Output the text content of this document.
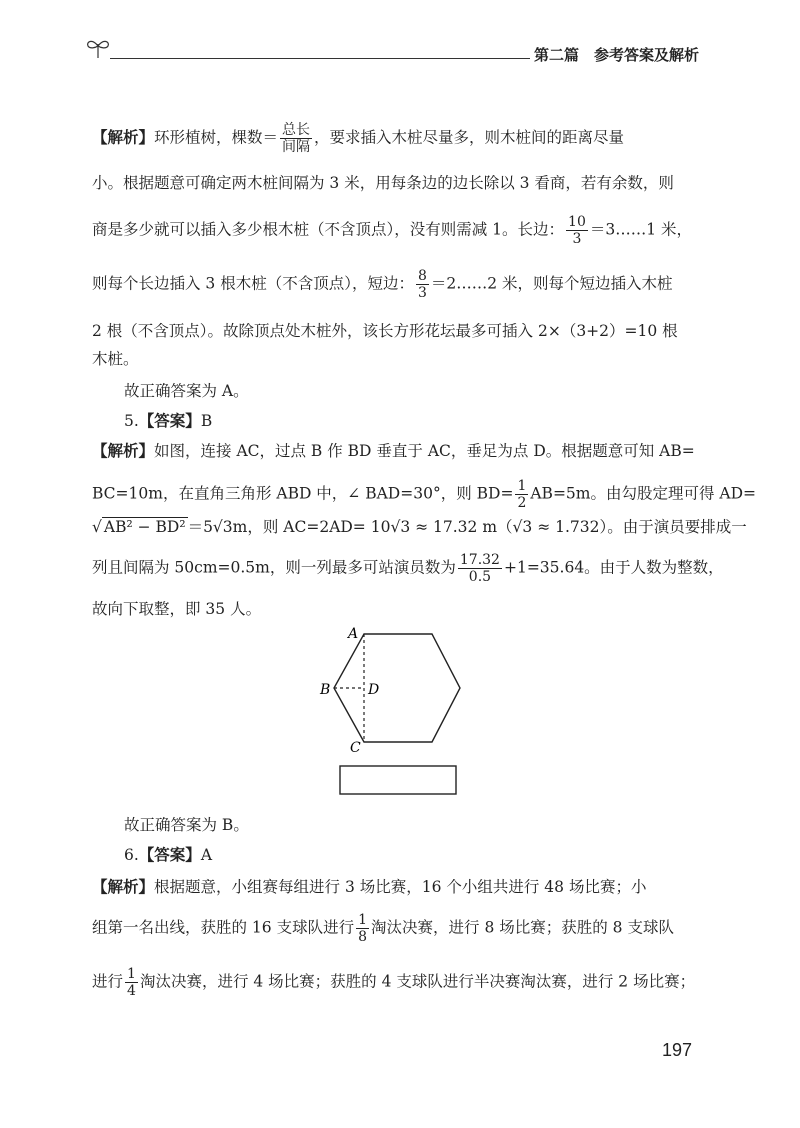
第二篇　参考答案及解析
【解析】环形植树，棵数＝ $\frac{\text{总长}}{\text{间隔}}$ ，要求插入木桩尽量多，则木桩间的距离尽量
小。根据题意可确定两木桩间隔为 3 米，用每条边的边长除以 3 看商，若有余数，则
商是多少就可以插入多少根木桩（不含顶点），没有则需减 1。长边： $\frac{10}{3}$ ＝3……1 米，
则每个长边插入 3 根木桩（不含顶点），短边： $\frac{8}{3}$ ＝2……2 米，则每个短边插入木桩
2 根（不含顶点）。故除顶点处木桩外，该长方形花坛最多可插入 2×（3+2）=10 根
木桩。
故正确答案为 A。
5.【答案】B
【解析】如图，连接 AC，过点 B 作 BD 垂直于 AC，垂足为点 D。根据题意可知 AB=
BC=10m，在直角三角形 ABD 中，∠ BAD=30°，则 $BD= \frac{1}{2} AB=5m$。由勾股定理可得 AD=
√ AB² − BD² ＝5√3m，则 AC=2AD= 10√3 ≈ 17.32 m（√3 ≈ 1.732）。由于演员要排成一
列且间隔为 50cm=0.5m，则一列最多可站演员数为 $\frac{17.32}{0.5} +1=35.64$。由于人数为整数，
故向下取整，即 35 人。
A
B
C
D
故正确答案为 B。
6.【答案】A
【解析】根据题意，小组赛每组进行 3 场比赛，16 个小组共进行 48 场比赛；小
组第一名出线，获胜的 16 支球队进行 $\frac{1}{8}$ 淘汰决赛，进行 8 场比赛；获胜的 8 支球队
进行 $\frac{1}{4}$ 淘汰决赛，进行 4 场比赛；获胜的 4 支球队进行半决赛淘汰赛，进行 2 场比赛；
197
